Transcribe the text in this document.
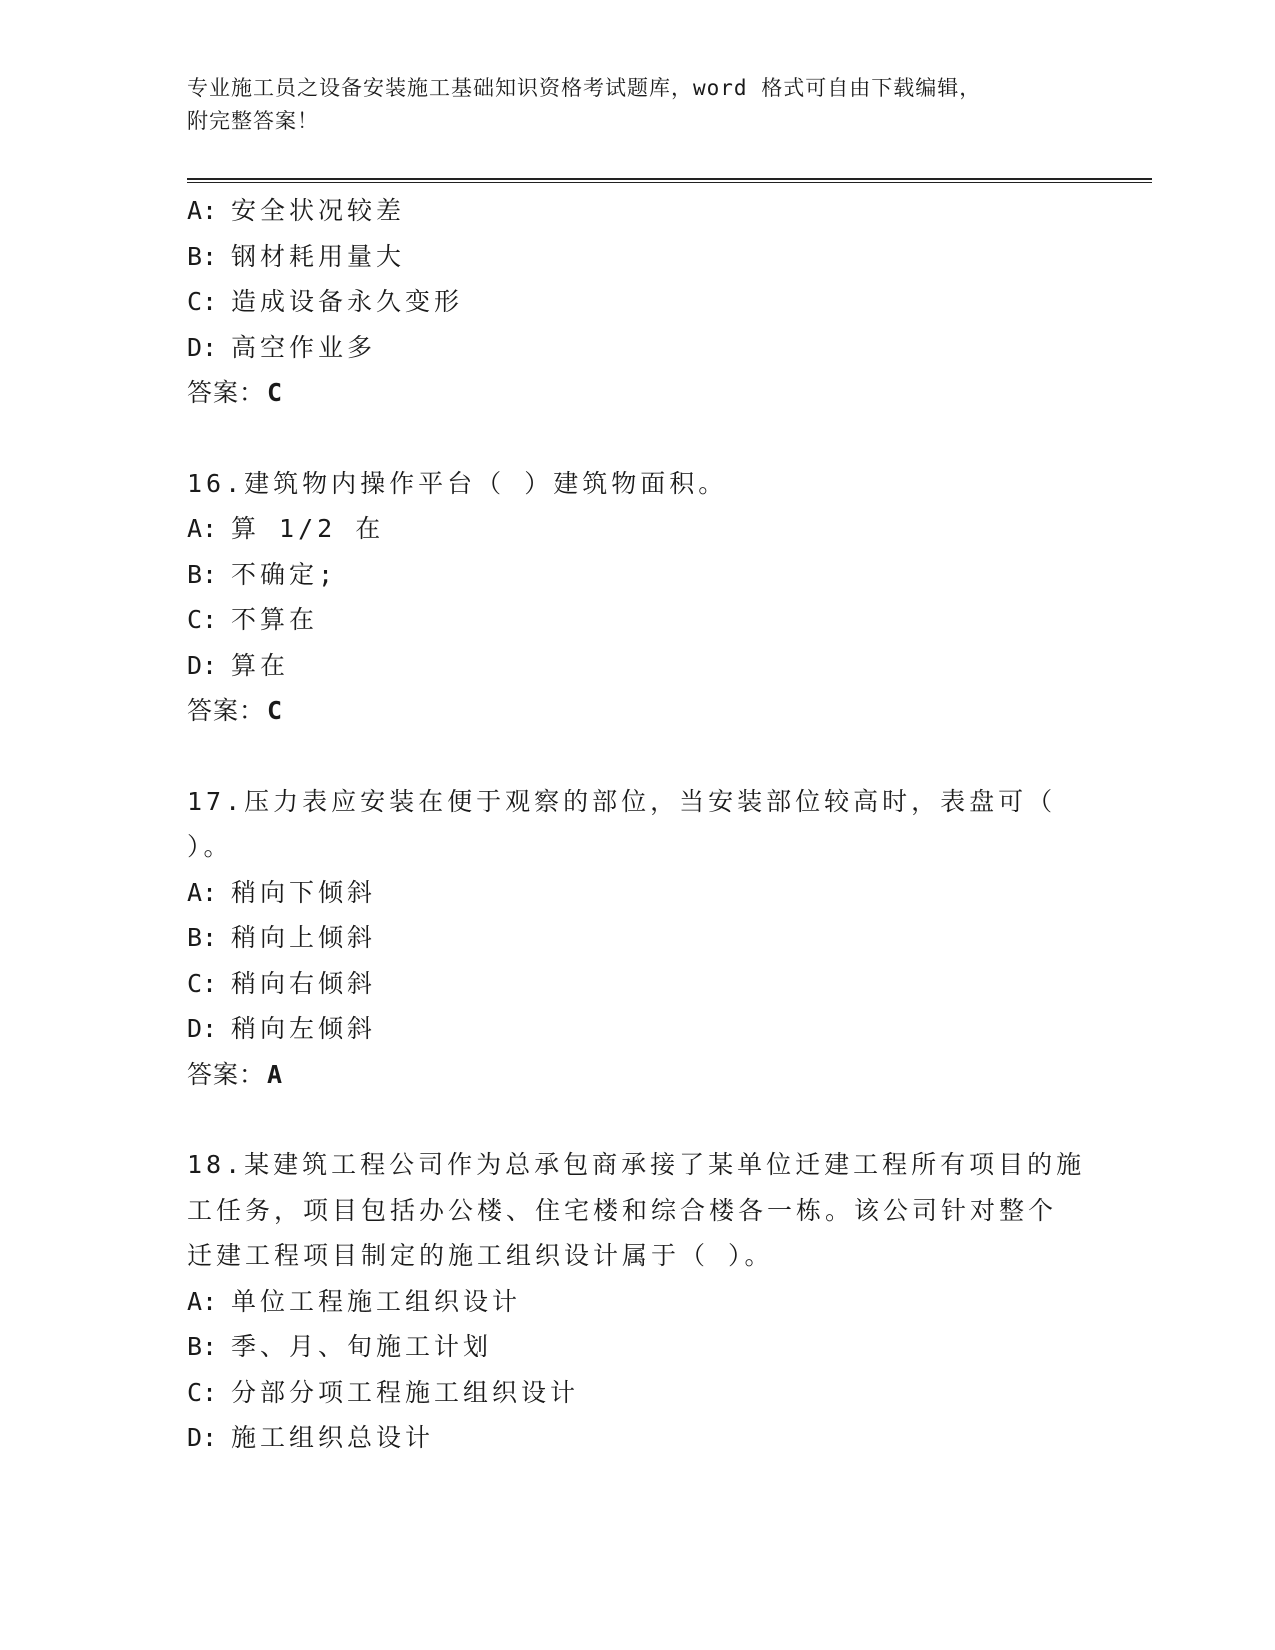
专业施工员之设备安装施工基础知识资格考试题库，word 格式可自由下载编辑，
附完整答案！
A: 安全状况较差
B: 钢材耗用量大
C: 造成设备永久变形
D: 高空作业多
答案：C
16.建筑物内操作平台（ ）建筑物面积。
A: 算 1/2 在
B: 不确定;
C: 不算在
D: 算在
答案：C
17.压力表应安装在便于观察的部位，当安装部位较高时，表盘可（
）。
A: 稍向下倾斜
B: 稍向上倾斜
C: 稍向右倾斜
D: 稍向左倾斜
答案：A
18.某建筑工程公司作为总承包商承接了某单位迁建工程所有项目的施
工任务，项目包括办公楼、住宅楼和综合楼各一栋。该公司针对整个
迁建工程项目制定的施工组织设计属于（ ）。
A: 单位工程施工组织设计
B: 季、月、旬施工计划
C: 分部分项工程施工组织设计
D: 施工组织总设计
